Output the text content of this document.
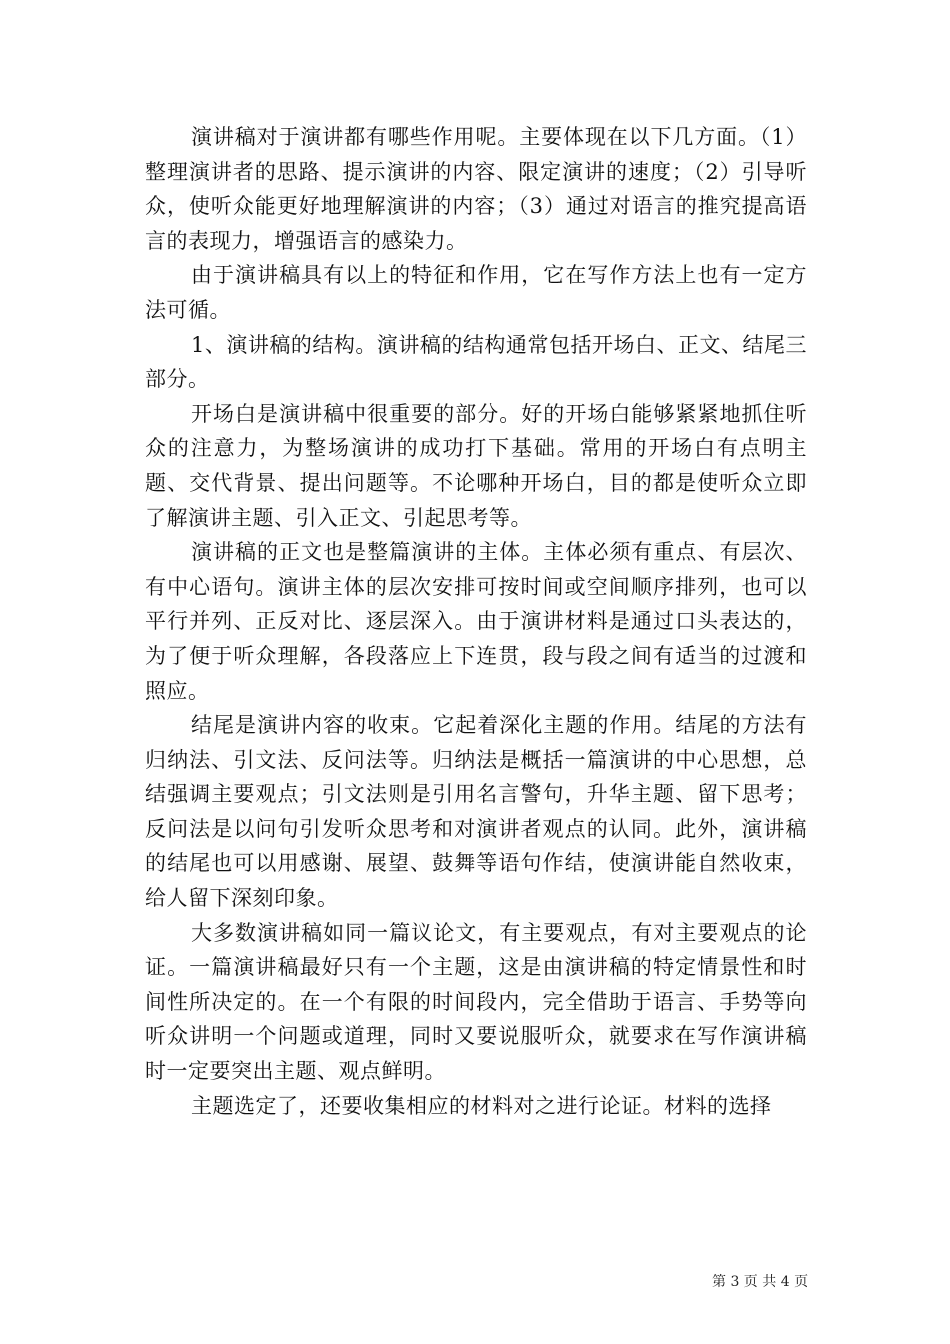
演讲稿对于演讲都有哪些作用呢。主要体现在以下几方面。（1）整理演讲者的思路、提示演讲的内容、限定演讲的速度；（2）引导听众，使听众能更好地理解演讲的内容；（3）通过对语言的推究提高语言的表现力，增强语言的感染力。

由于演讲稿具有以上的特征和作用，它在写作方法上也有一定方法可循。

1、演讲稿的结构。演讲稿的结构通常包括开场白、正文、结尾三部分。

开场白是演讲稿中很重要的部分。好的开场白能够紧紧地抓住听众的注意力，为整场演讲的成功打下基础。常用的开场白有点明主题、交代背景、提出问题等。不论哪种开场白，目的都是使听众立即了解演讲主题、引入正文、引起思考等。

演讲稿的正文也是整篇演讲的主体。主体必须有重点、有层次、有中心语句。演讲主体的层次安排可按时间或空间顺序排列，也可以平行并列、正反对比、逐层深入。由于演讲材料是通过口头表达的，为了便于听众理解，各段落应上下连贯，段与段之间有适当的过渡和照应。

结尾是演讲内容的收束。它起着深化主题的作用。结尾的方法有归纳法、引文法、反问法等。归纳法是概括一篇演讲的中心思想，总结强调主要观点；引文法则是引用名言警句，升华主题、留下思考；反问法是以问句引发听众思考和对演讲者观点的认同。此外，演讲稿的结尾也可以用感谢、展望、鼓舞等语句作结，使演讲能自然收束，给人留下深刻印象。

大多数演讲稿如同一篇议论文，有主要观点，有对主要观点的论证。一篇演讲稿最好只有一个主题，这是由演讲稿的特定情景性和时间性所决定的。在一个有限的时间段内，完全借助于语言、手势等向听众讲明一个问题或道理，同时又要说服听众，就要求在写作演讲稿时一定要突出主题、观点鲜明。

主题选定了，还要收集相应的材料对之进行论证。材料的选择

第 3 页 共 4 页
